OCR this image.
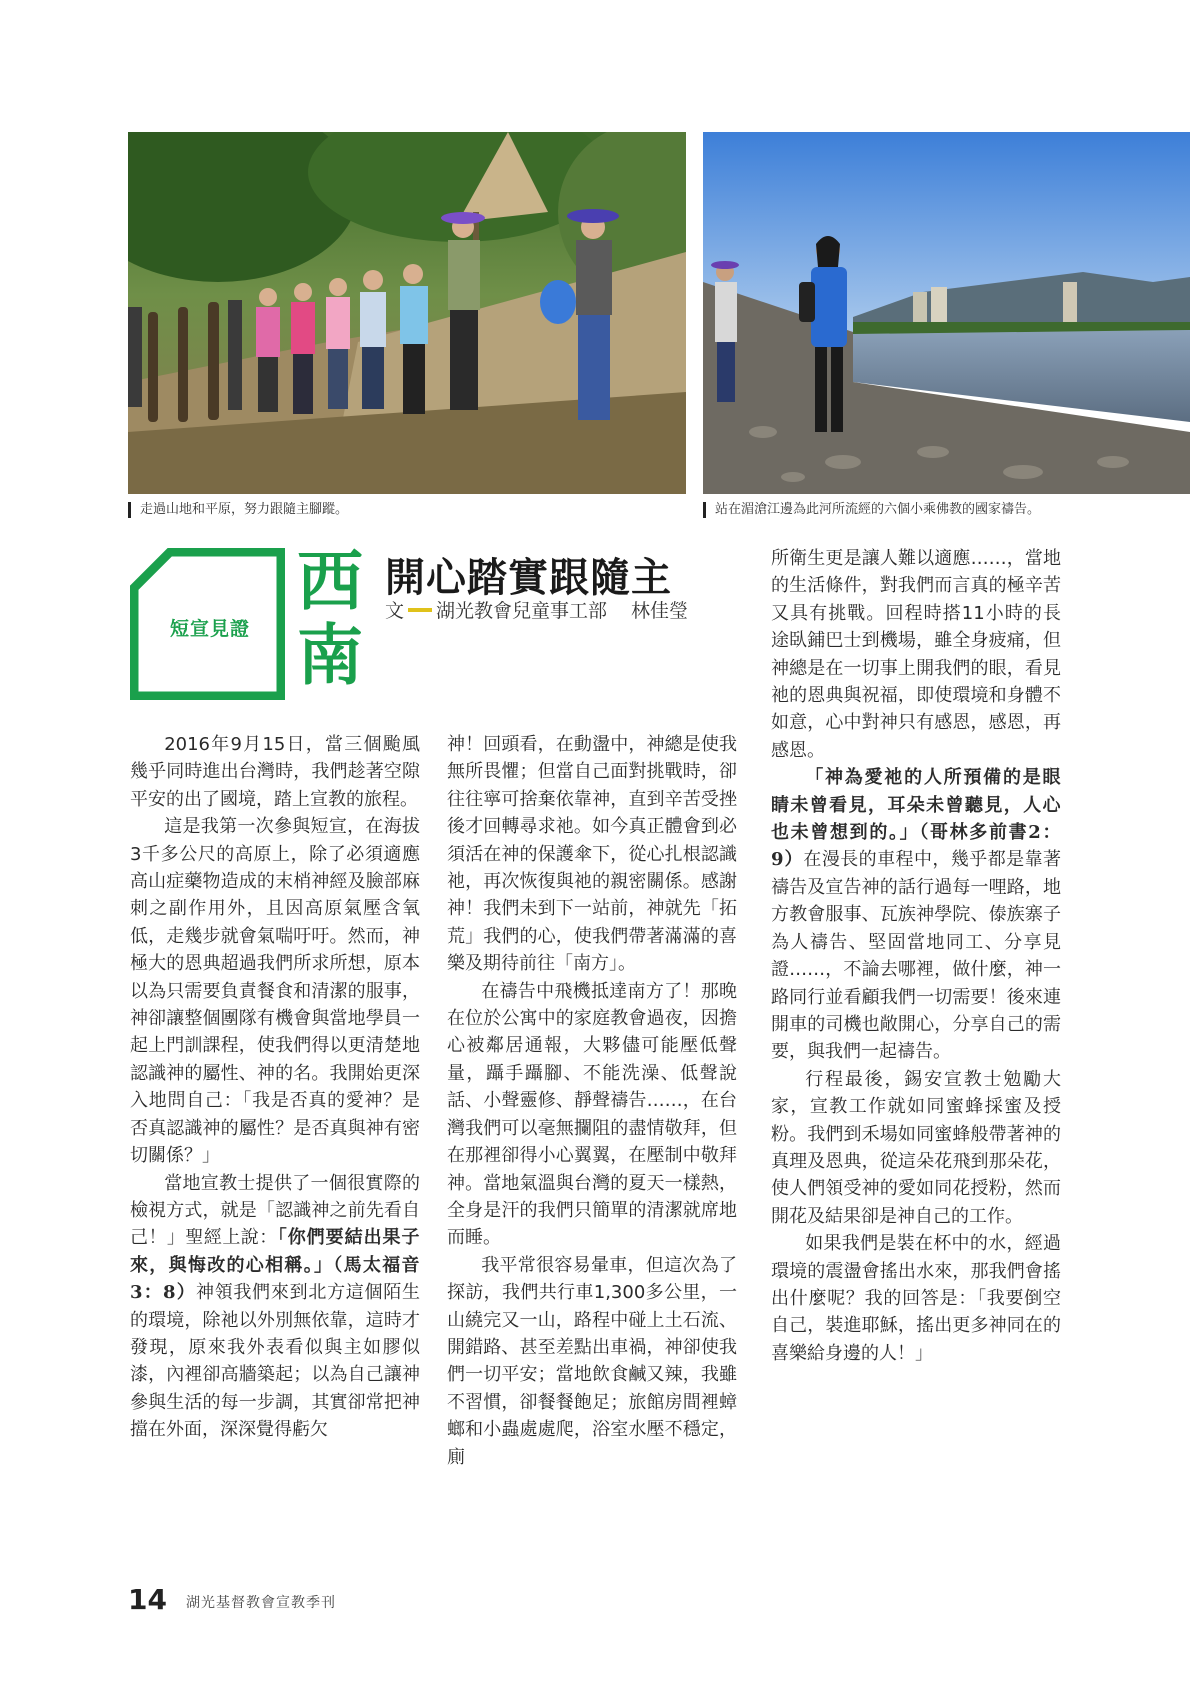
走過山地和平原，努力跟隨主腳蹤。	站在湄滄江邊為此河所流經的六個小乘佛教的國家禱告。
短宣見證
西
南
開心踏實跟隨主
文 湖光教會兒童事工部 林佳瑩

2016年9月15日，當三個颱風幾乎同時進出台灣時，我們趁著空隙平安的出了國境，踏上宣教的旅程。

這是我第一次參與短宣，在海拔3千多公尺的高原上，除了必須適應高山症藥物造成的末梢神經及臉部麻刺之副作用外，且因高原氣壓含氧低，走幾步就會氣喘吁吁。然而，神極大的恩典超過我們所求所想，原本以為只需要負責餐食和清潔的服事，神卻讓整個團隊有機會與當地學員一起上門訓課程，使我們得以更清楚地認識神的屬性、神的名。我開始更深入地問自己：「我是否真的愛神？是否真認識神的屬性？是否真與神有密切關係？」

當地宣教士提供了一個很實際的檢視方式，就是「認識神之前先看自己！」聖經上說：「你們要結出果子來，與悔改的心相稱。」（馬太福音3：8）神領我們來到北方這個陌生的環境，除祂以外別無依靠，這時才發現，原來我外表看似與主如膠似漆，內裡卻高牆築起；以為自己讓神參與生活的每一步調，其實卻常把神擋在外面，深深覺得虧欠

神！回頭看，在動盪中，神總是使我無所畏懼；但當自己面對挑戰時，卻往往寧可捨棄依靠神，直到辛苦受挫後才回轉尋求祂。如今真正體會到必須活在神的保護傘下，從心扎根認識祂，再次恢復與祂的親密關係。感謝神！我們未到下一站前，神就先「拓荒」我們的心，使我們帶著滿滿的喜樂及期待前往「南方」。

在禱告中飛機抵達南方了！那晚在位於公寓中的家庭教會過夜，因擔心被鄰居通報，大夥儘可能壓低聲量，躡手躡腳、不能洗澡、低聲說話、小聲靈修、靜聲禱告……，在台灣我們可以毫無攔阻的盡情敬拜，但在那裡卻得小心翼翼，在壓制中敬拜神。當地氣溫與台灣的夏天一樣熱，全身是汗的我們只簡單的清潔就席地而睡。

我平常很容易暈車，但這次為了探訪，我們共行車1,300多公里，一山繞完又一山，路程中碰上土石流、開錯路、甚至差點出車禍，神卻使我們一切平安；當地飲食鹹又辣，我雖不習慣，卻餐餐飽足；旅館房間裡蟑螂和小蟲處處爬，浴室水壓不穩定，廁

所衛生更是讓人難以適應……，當地的生活條件，對我們而言真的極辛苦又具有挑戰。回程時搭11小時的長途臥鋪巴士到機場，雖全身疲痛，但神總是在一切事上開我們的眼，看見祂的恩典與祝福，即使環境和身體不如意，心中對神只有感恩，感恩，再感恩。

「神為愛祂的人所預備的是眼睛未曾看見，耳朵未曾聽見，人心也未曾想到的。」（哥林多前書2：9）在漫長的車程中，幾乎都是靠著禱告及宣告神的話行過每一哩路，地方教會服事、瓦族神學院、傣族寨子為人禱告、堅固當地同工、分享見證……，不論去哪裡，做什麼，神一路同行並看顧我們一切需要！後來連開車的司機也敞開心，分享自己的需要，與我們一起禱告。

行程最後，錫安宣教士勉勵大家，宣教工作就如同蜜蜂採蜜及授粉。我們到禾場如同蜜蜂般帶著神的真理及恩典，從這朵花飛到那朵花，使人們領受神的愛如同花授粉，然而開花及結果卻是神自己的工作。

如果我們是裝在杯中的水，經過環境的震盪會搖出水來，那我們會搖出什麼呢？我的回答是：「我要倒空自己，裝進耶穌，搖出更多神同在的喜樂給身邊的人！」

14 湖光基督教會宣教季刊
